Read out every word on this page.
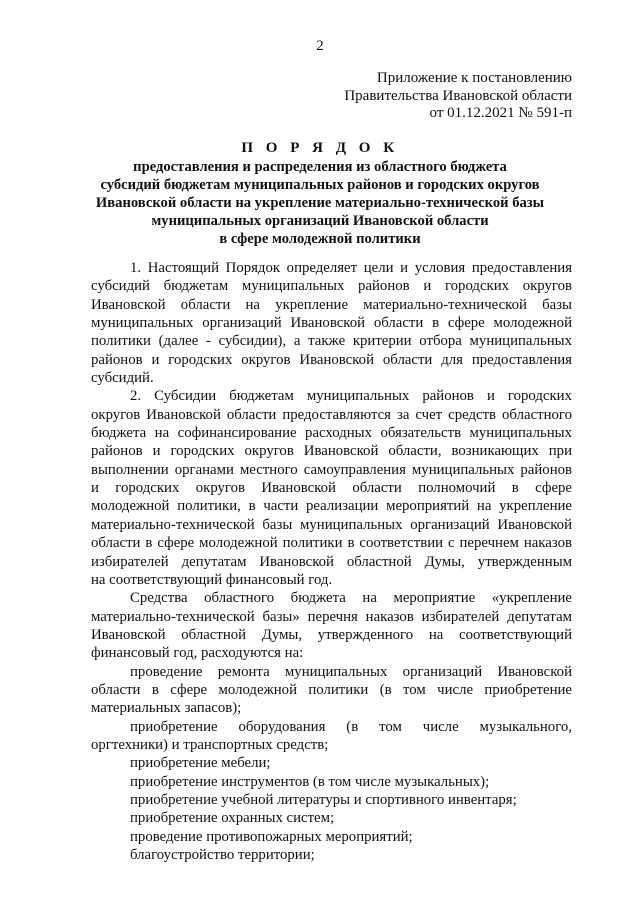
2
Приложение к постановлению
Правительства Ивановской области
от 01.12.2021 № 591-п
П О Р Я Д О К
предоставления и распределения из областного бюджета
субсидий бюджетам муниципальных районов и городских округов
Ивановской области на укрепление материально-технической базы
муниципальных организаций Ивановской области
в сфере молодежной политики
1. Настоящий Порядок определяет цели и условия предоставления
субсидий бюджетам муниципальных районов и городских округов
Ивановской области на укрепление материально-технической базы
муниципальных организаций Ивановской области в сфере молодежной
политики (далее - субсидии), а также критерии отбора муниципальных
районов и городских округов Ивановской области для предоставления
субсидий.
2. Субсидии бюджетам муниципальных районов и городских
округов Ивановской области предоставляются за счет средств областного
бюджета на софинансирование расходных обязательств муниципальных
районов и городских округов Ивановской области, возникающих при
выполнении органами местного самоуправления муниципальных районов
и городских округов Ивановской области полномочий в сфере
молодежной политики, в части реализации мероприятий на укрепление
материально-технической базы муниципальных организаций Ивановской
области в сфере молодежной политики в соответствии с перечнем наказов
избирателей депутатам Ивановской областной Думы, утвержденным
на соответствующий финансовый год.
Средства областного бюджета на мероприятие «укрепление
материально-технической базы» перечня наказов избирателей депутатам
Ивановской областной Думы, утвержденного на соответствующий
финансовый год, расходуются на:
проведение ремонта муниципальных организаций Ивановской
области в сфере молодежной политики (в том числе приобретение
материальных запасов);
приобретение оборудования (в том числе музыкального,
оргтехники) и транспортных средств;
приобретение мебели;
приобретение инструментов (в том числе музыкальных);
приобретение учебной литературы и спортивного инвентаря;
приобретение охранных систем;
проведение противопожарных мероприятий;
благоустройство территории;
